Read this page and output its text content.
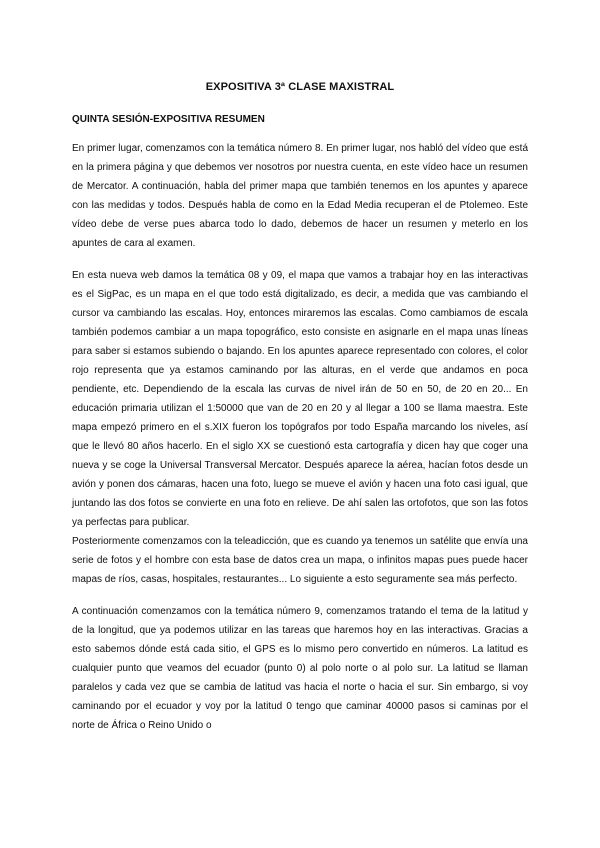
EXPOSITIVA 3ª CLASE MAXISTRAL
QUINTA SESIÓN-EXPOSITIVA RESUMEN

En primer lugar, comenzamos con la temática número 8. En primer lugar, nos habló del vídeo que está en la primera página y que debemos ver nosotros por nuestra cuenta, en este vídeo hace un resumen de Mercator. A continuación, habla del primer mapa que también tenemos en los apuntes y aparece con las medidas y todos. Después habla de como en la Edad Media recuperan el de Ptolemeo. Este vídeo debe de verse pues abarca todo lo dado, debemos de hacer un resumen y meterlo en los apuntes de cara al examen.

En esta nueva web damos la temática 08 y 09, el mapa que vamos a trabajar hoy en las interactivas es el SigPac, es un mapa en el que todo está digitalizado, es decir, a medida que vas cambiando el cursor va cambiando las escalas. Hoy, entonces miraremos las escalas. Como cambiamos de escala también podemos cambiar a un mapa topográfico, esto consiste en asignarle en el mapa unas líneas para saber si estamos subiendo o bajando. En los apuntes aparece representado con colores, el color rojo representa que ya estamos caminando por las alturas, en el verde que andamos en poca pendiente, etc. Dependiendo de la escala las curvas de nivel irán de 50 en 50, de 20 en 20... En educación primaria utilizan el 1:50000 que van de 20 en 20 y al llegar a 100 se llama maestra. Este mapa empezó primero en el s.XIX fueron los topógrafos por todo España marcando los niveles, así que le llevó 80 años hacerlo. En el siglo XX se cuestionó esta cartografía y dicen hay que coger una nueva y se coge la Universal Transversal Mercator. Después aparece la aérea, hacían fotos desde un avión y ponen dos cámaras, hacen una foto, luego se mueve el avión y hacen una foto casi igual, que juntando las dos fotos se convierte en una foto en relieve. De ahí salen las ortofotos, que son las fotos ya perfectas para publicar.

Posteriormente comenzamos con la teleadicción, que es cuando ya tenemos un satélite que envía una serie de fotos y el hombre con esta base de datos crea un mapa, o infinitos mapas pues puede hacer mapas de ríos, casas, hospitales, restaurantes... Lo siguiente a esto seguramente sea más perfecto.

A continuación comenzamos con la temática número 9, comenzamos tratando el tema de la latitud y de la longitud, que ya podemos utilizar en las tareas que haremos hoy en las interactivas. Gracias a esto sabemos dónde está cada sitio, el GPS es lo mismo pero convertido en números. La latitud es cualquier punto que veamos del ecuador (punto 0) al polo norte o al polo sur. La latitud se llaman paralelos y cada vez que se cambia de latitud vas hacia el norte o hacia el sur. Sin embargo, si voy caminando por el ecuador y voy por la latitud 0 tengo que caminar 40000 pasos si caminas por el norte de África o Reino Unido o
